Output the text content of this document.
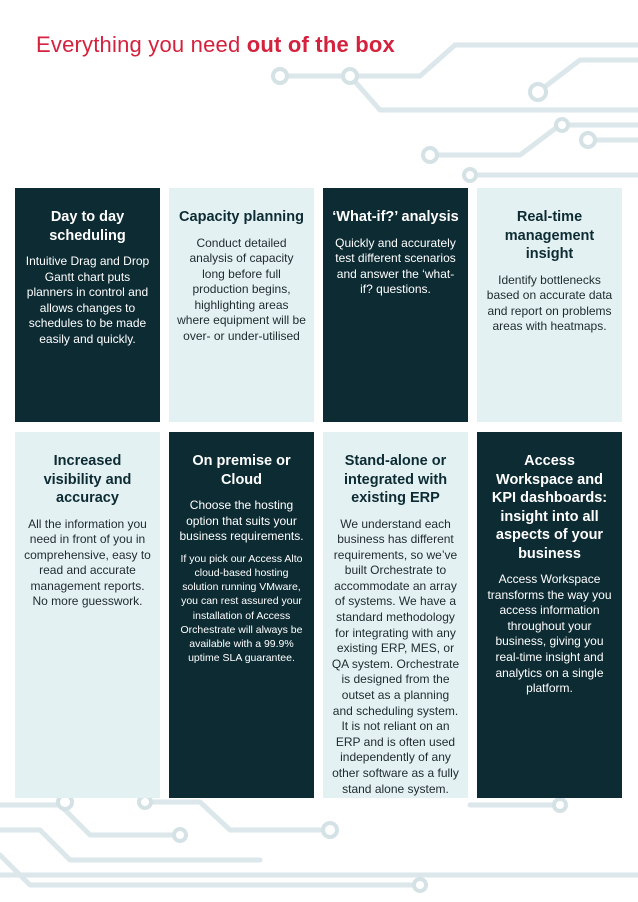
Everything you need out of the box
Day to day scheduling

Intuitive Drag and Drop Gantt chart puts planners in control and allows changes to schedules to be made easily and quickly.

Capacity planning

Conduct detailed analysis of capacity long before full production begins, highlighting areas where equipment will be over- or under-utilised

‘What-if?’ analysis

Quickly and accurately test different scenarios and answer the ‘what-if? questions.

Real-time management insight

Identify bottlenecks based on accurate data and report on problems areas with heatmaps.

Increased visibility and accuracy

All the information you need in front of you in comprehensive, easy to read and accurate management reports. No more guesswork.

On premise or Cloud

Choose the hosting option that suits your business requirements.

If you pick our Access Alto cloud-based hosting solution running VMware, you can rest assured your installation of Access Orchestrate will always be available with a 99.9% uptime SLA guarantee.

Stand-alone or integrated with existing ERP

We understand each business has different requirements, so we’ve built Orchestrate to accommodate an array of systems. We have a standard methodology for integrating with any existing ERP, MES, or QA system. Orchestrate is designed from the outset as a planning and scheduling system. It is not reliant on an ERP and is often used independently of any other software as a fully stand alone system.

Access Workspace and KPI dashboards: insight into all aspects of your business

Access Workspace transforms the way you access information throughout your business, giving you real-time insight and analytics on a single platform.
